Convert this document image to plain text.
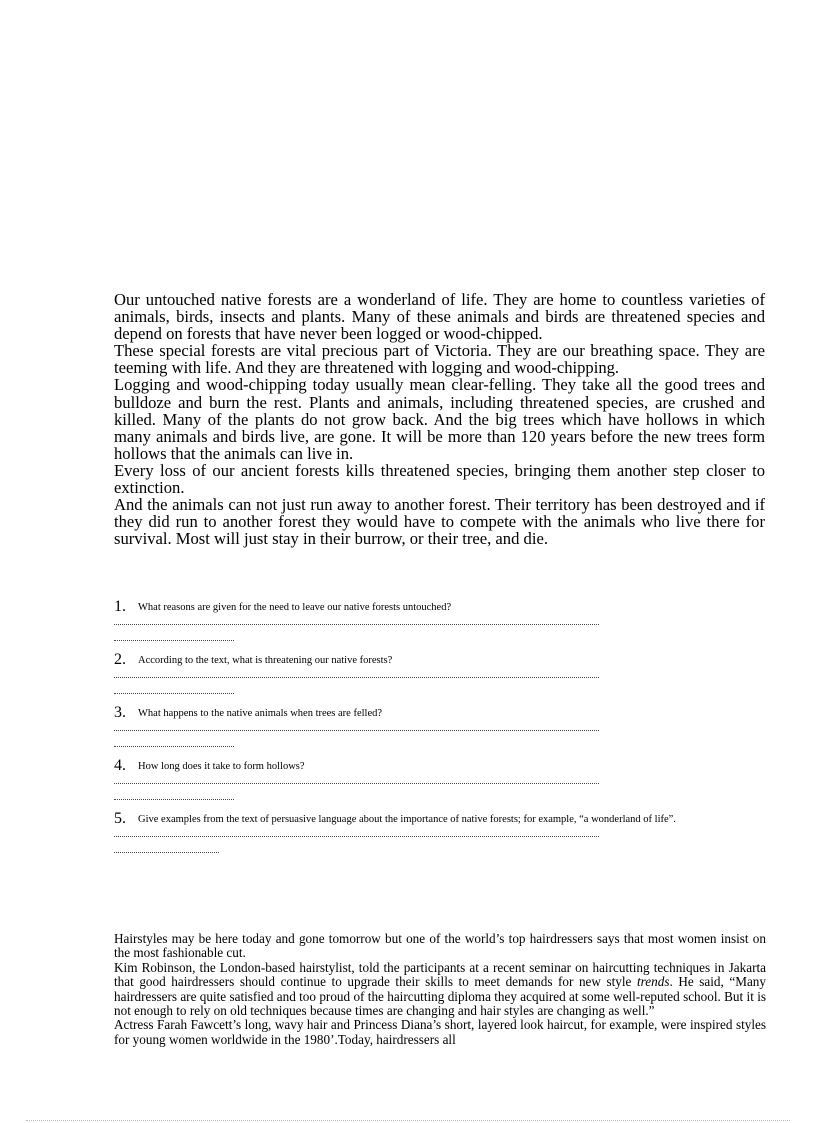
Our untouched native forests are a wonderland of life. They are home to countless varieties of animals, birds, insects and plants. Many of these animals and birds are threatened species and depend on forests that have never been logged or wood-chipped.

These special forests are vital precious part of Victoria. They are our breathing space. They are teeming with life. And they are threatened with logging and wood-chipping.

Logging and wood-chipping today usually mean clear-felling. They take all the good trees and bulldoze and burn the rest. Plants and animals, including threatened species, are crushed and killed. Many of the plants do not grow back. And the big trees which have hollows in which many animals and birds live, are gone. It will be more than 120 years before the new trees form hollows that the animals can live in.

Every loss of our ancient forests kills threatened species, bringing them another step closer to extinction.

And the animals can not just run away to another forest. Their territory has been destroyed and if they did run to another forest they would have to compete with the animals who live there for survival. Most will just stay in their burrow, or their tree, and die.

1.	What reasons are given for the need to leave our native forests untouched?
2.	According to the text, what is threatening our native forests?
3.	What happens to the native animals when trees are felled?
4.	How long does it take to form hollows?
5.	Give examples from the text of persuasive language about the importance of native forests; for example, “a wonderland of life”.

Hairstyles may be here today and gone tomorrow but one of the world’s top hairdressers says that most women insist on the most fashionable cut.

Kim Robinson, the London-based hairstylist, told the participants at a recent seminar on haircutting techniques in Jakarta that good hairdressers should continue to upgrade their skills to meet demands for new style trends. He said, “Many hairdressers are quite satisfied and too proud of the haircutting diploma they acquired at some well-reputed school. But it is not enough to rely on old techniques because times are changing and hair styles are changing as well.”

Actress Farah Fawcett’s long, wavy hair and Princess Diana’s short, layered look haircut, for example, were inspired styles for young women worldwide in the 1980’.Today, hairdressers all
